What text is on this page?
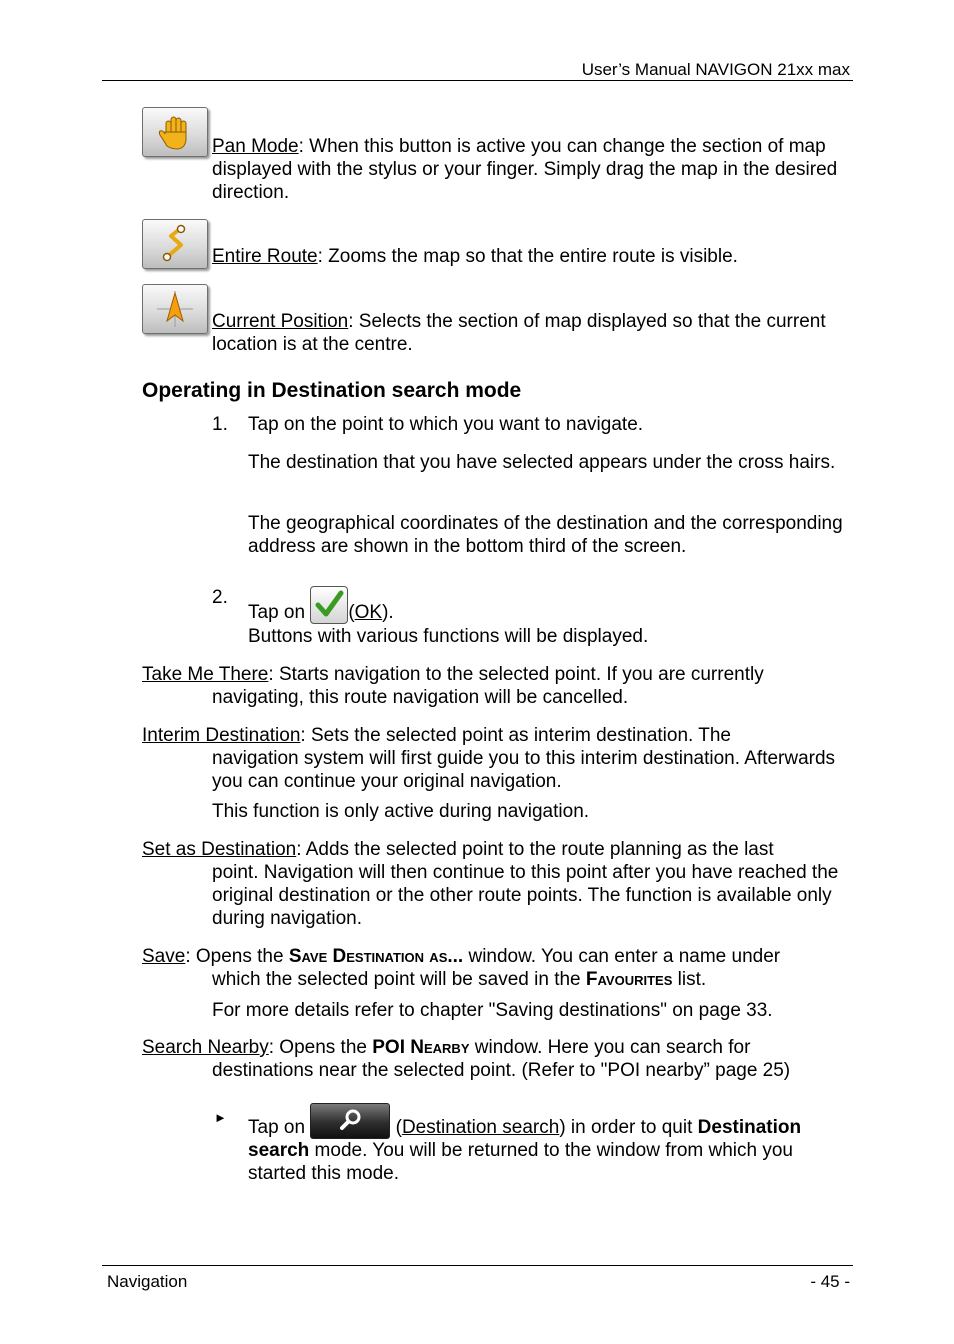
User’s Manual NAVIGON 21xx max
Pan Mode: When this button is active you can change the section of map displayed with the stylus or your finger. Simply drag the map in the desired direction.
Entire Route: Zooms the map so that the entire route is visible.
Current Position: Selects the section of map displayed so that the current location is at the centre.
Operating in Destination search mode
1. Tap on the point to which you want to navigate.
The destination that you have selected appears under the cross hairs.
The geographical coordinates of the destination and the corresponding address are shown in the bottom third of the screen.
2.
Tap on (OK).
Buttons with various functions will be displayed.
Take Me There: Starts navigation to the selected point. If you are currently
navigating, this route navigation will be cancelled.
Interim Destination: Sets the selected point as interim destination. The
navigation system will first guide you to this interim destination. Afterwards you can continue your original navigation.
This function is only active during navigation.
Set as Destination: Adds the selected point to the route planning as the last
point. Navigation will then continue to this point after you have reached the original destination or the other route points. The function is available only during navigation.
Save: Opens the Save Destination as... window. You can enter a name under
which the selected point will be saved in the Favourites list.
For more details refer to chapter "Saving destinations" on page 33.
Search Nearby: Opens the POI Nearby window. Here you can search for
destinations near the selected point. (Refer to "POI nearby” page 25)
► Tap on	(Destination search) in order to quit Destination search mode. You will be returned to the window from which you started this mode.
Navigation	- 45 -
